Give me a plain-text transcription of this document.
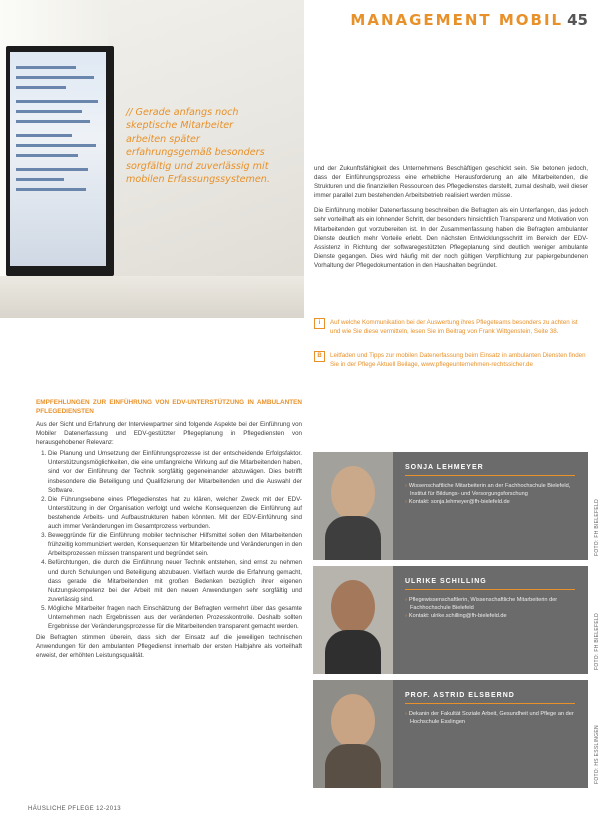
MANAGEMENT MOBIL 45
// Gerade anfangs noch skeptische Mitarbeiter arbeiten später erfahrungsgemäß besonders sorgfältig und zuverlässig mit mobilen Erfassungssystemen.

und der Zukunftsfähigkeit des Unternehmens Beschäftigen geschickt sein. Sie betonen jedoch, dass der Einführungsprozess eine erhebliche Herausforderung an alle Mitarbeitenden, die Strukturen und die finanziellen Ressourcen des Pflegedienstes darstellt, zumal deshalb, weil dieser immer parallel zum bestehenden Arbeitsbetrieb realisiert werden müsse.

Die Einführung mobiler Datenerfassung beschreiben die Befragten als ein Unterfangen, das jedoch sehr vorteilhaft als ein lohnender Schritt, der besonders hinsichtlich Transparenz und Motivation von Mitarbeitenden gut vorzubereiten ist. In der Zusammenfassung haben die Befragten ambulanter Dienste deutlich mehr Vorteile erlebt. Den nächsten Entwicklungsschritt im Bereich der EDV-Assistenz in Richtung der softwaregestützten Pflegeplanung sind deutlich weniger ambulante Dienste gegangen. Dies wird häufig mit der noch gültigen Verpflichtung zur papiergebundenen Vorhaltung der Pflegedokumentation in den Haushalten begründet.

i	Auf welche Kommunikation bei der Auswertung ihres Pflegeteams besonders zu achten ist und wie Sie diese vermitteln, lesen Sie im Beitrag von Frank Wittgenstein, Seite 38.
B	Leitfaden und Tipps zur mobilen Datenerfassung beim Einsatz in ambulanten Diensten finden Sie in der Pflege Aktuell Beilage, www.pflegeunternehmen-rechtssicher.de
EMPFEHLUNGEN ZUR EINFÜHRUNG VON EDV-UNTERSTÜTZUNG IN AMBULANTEN PFLEGEDIENSTEN

Aus der Sicht und Erfahrung der Interviewpartner sind folgende Aspekte bei der Einführung von Mobiler Datenerfassung und EDV-gestützter Pflegeplanung in Pflegediensten von herausgehobener Relevanz:

1. Die Planung und Umsetzung der Einführungsprozesse ist der entscheidende Erfolgsfaktor. Unterstützungsmöglichkeiten, die eine umfangreiche Wirkung auf die Mitarbeitenden haben, sind vor der Einführung der Technik sorgfältig gegeneinander abzuwägen. Dies betrifft insbesondere die Beteiligung und Qualifizierung der Mitarbeitenden und die Auswahl der Software.
2. Die Führungsebene eines Pflegedienstes hat zu klären, welcher Zweck mit der EDV-Unterstützung in der Organisation verfolgt und welche Konsequenzen die Einführung auf bestehende Arbeits- und Aufbaustrukturen haben könnten. Mit der EDV-Einführung sind auch immer Veränderungen im Gesamtprozess verbunden.
3. Beweggründe für die Einführung mobiler technischer Hilfsmittel sollen den Mitarbeitenden frühzeitig kommuniziert werden, Konsequenzen für Mitarbeitende und Veränderungen in den Arbeitsprozessen müssen transparent und begründet sein.
4. Befürchtungen, die durch die Einführung neuer Technik entstehen, sind ernst zu nehmen und durch Schulungen und Beteiligung abzubauen. Vielfach wurde die Erfahrung gemacht, dass gerade die Mitarbeitenden mit großen Bedenken bezüglich ihrer eigenen Nutzungskompetenz bei der Arbeit mit den neuen Anwendungen sehr sorgfältig und zuverlässig sind.
5. Mögliche Mitarbeiter fragen nach Einschätzung der Befragten vermehrt über das gesamte Unternehmen nach Ergebnissen aus der veränderten Prozesskontrolle. Deshalb sollten Ergebnisse der Veränderungsprozesse für die Mitarbeitenden transparent gemacht werden.

Die Befragten stimmen überein, dass sich der Einsatz auf die jeweiligen technischen Anwendungen für den ambulanten Pflegedienst innerhalb der ersten Halbjahre als vorteilhaft erweist, der erhöhten Leistungsqualität.

SONJA LEHMEYER
› Wissenschaftliche Mitarbeiterin an der Fachhochschule Bielefeld, Institut für Bildungs- und Versorgungsforschung
› Kontakt: sonja.lehmeyer@fh-bielefeld.de	FOTO: FH BIELEFELD
ULRIKE SCHILLING
› Pflegewissenschaftlerin, Wissenschaftliche Mitarbeiterin der Fachhochschule Bielefeld
› Kontakt: ulrike.schilling@fh-bielefeld.de	FOTO: FH BIELEFELD
PROF. ASTRID ELSBERND
› Dekanin der Fakultät Soziale Arbeit, Gesundheit und Pflege an der Hochschule Esslingen
FOTO: HS ESSLINGEN
HÄUSLICHE PFLEGE 12-2013
